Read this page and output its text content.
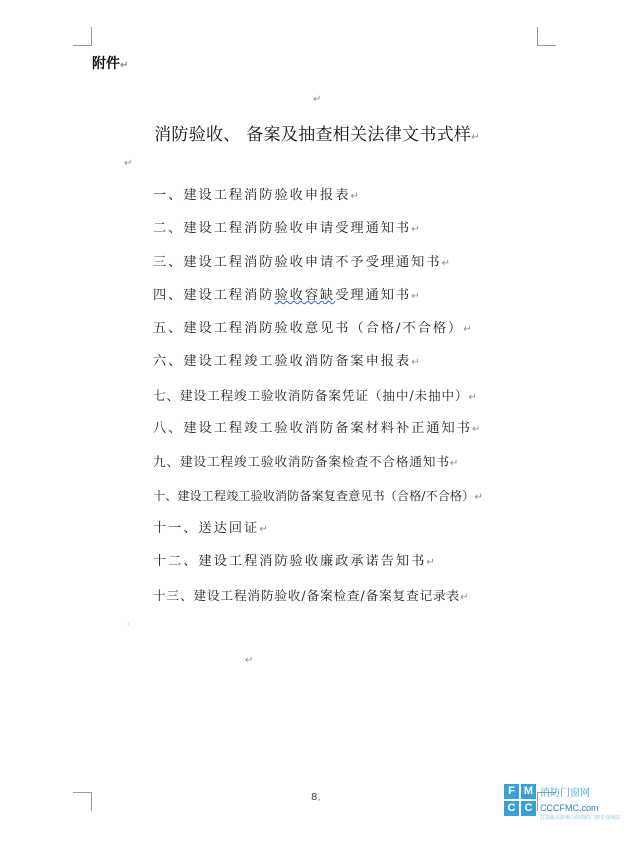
附件↵
↵
消防验收、 备案及抽查相关法律文书式样↵
↵
一、建设工程消防验收申报表↵
二、建设工程消防验收申请受理通知书↵
三、建设工程消防验收申请不予受理通知书↵
四、建设工程消防验收容缺受理通知书↵
五、建设工程消防验收意见书（合格/不合格）↵
六、建设工程竣工验收消防备案申报表↵
七、建设工程竣工验收消防备案凭证（抽中/未抽中）↵
八、建设工程竣工验收消防备案材料补正通知书↵
九、建设工程竣工验收消防备案检查不合格通知书↵
十、建设工程竣工验收消防备案复查意见书（合格/不合格）↵
十一、送达回证↵
十二、建设工程消防验收廉政承诺告知书↵
十三、建设工程消防验收/备案检查/备案复查记录表↵
·
↵
8,
F M
C C
消防门窗网
CCCFMC.com
打造最具影响力的消防门窗专业网站
